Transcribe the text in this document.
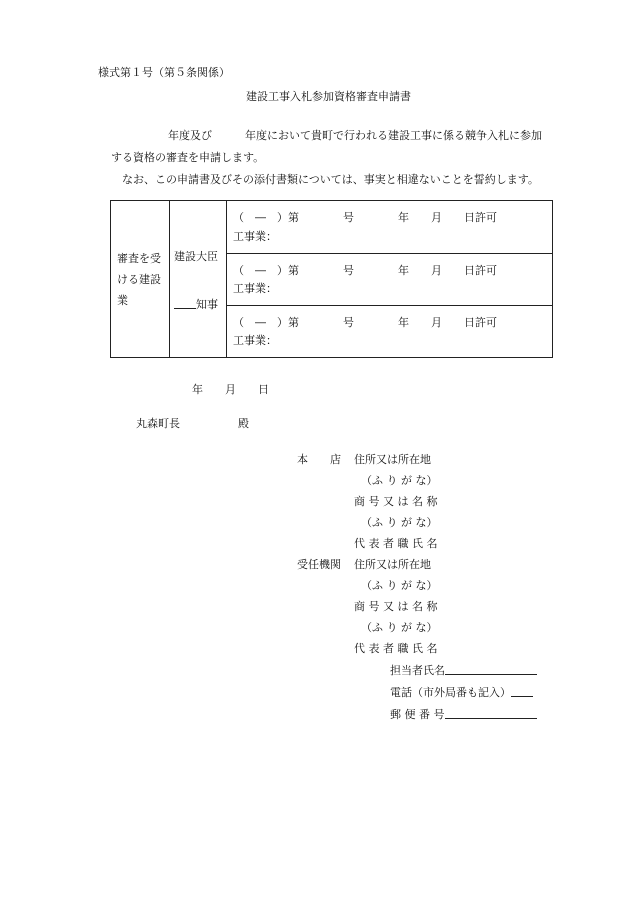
様式第１号（第５条関係）
建設工事入札参加資格審査申請書
年度及び　　　年度において貴町で行われる建設工事に係る競争入札に参加
する資格の審査を申請します。
なお、この申請書及びその添付書類については、事実と相違ないことを誓約します。
審査を受
ける建設
業
建設大臣
知事
（　―　）第　　　　号　　　　年　　月　　日許可
工事業：
（　―　）第　　　　号　　　　年　　月　　日許可
工事業：
（　―　）第　　　　号　　　　年　　月　　日許可
工事業：
年　　月　　日
丸森町長	殿
本　　店 住所又は所在地
（ふ り が な）
商 号 又 は 名 称
（ふ り が な）
代 表 者 職 氏 名
受任機関 住所又は所在地
（ふ り が な）
商 号 又 は 名 称
（ふ り が な）
代 表 者 職 氏 名
担当者氏名
電話（市外局番も記入）
郵 便 番 号
